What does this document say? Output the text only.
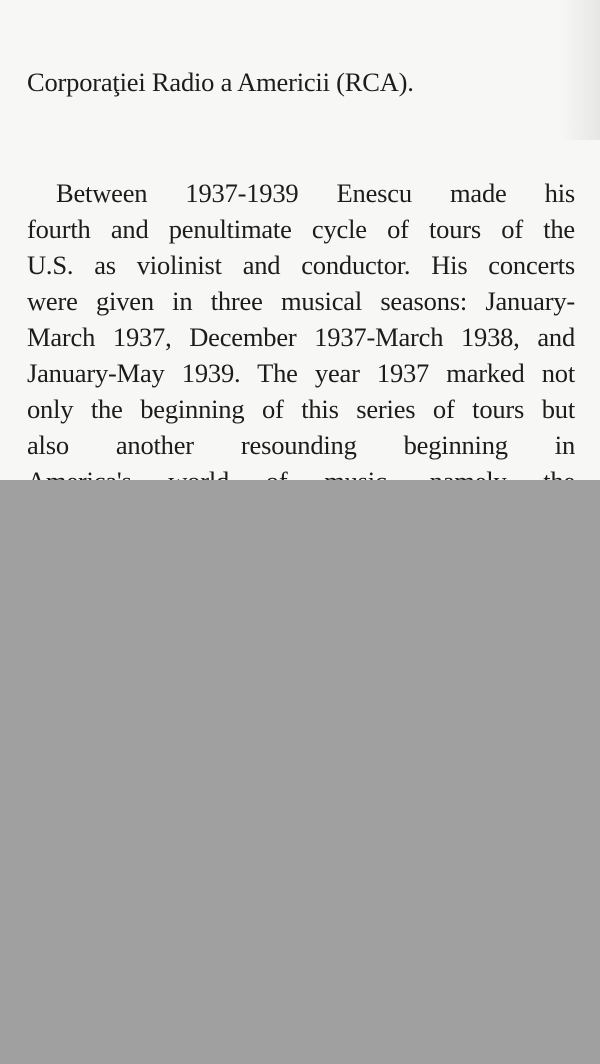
Corporaţiei Radio a Americii (RCA).
Between 1937-1939 Enescu made his
fourth and penultimate cycle of tours of the
U.S. as violinist and conductor. His concerts
were given in three musical seasons: January-
March 1937, December 1937-March 1938, and
January-May 1939. The year 1937 marked not
only the beginning of this series of tours but
also another resounding beginning in
